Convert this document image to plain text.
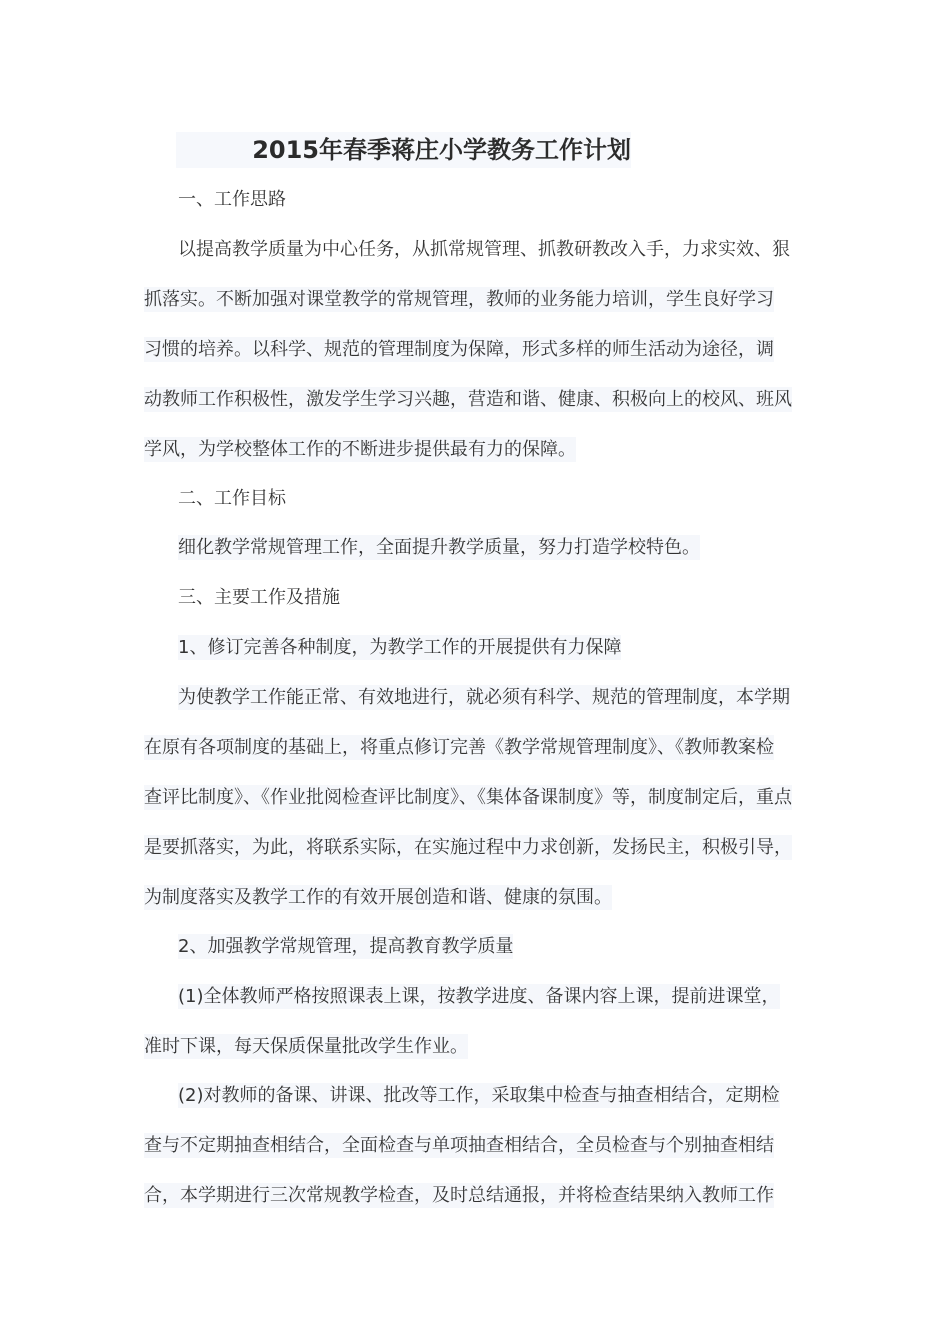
2015年春季蒋庄小学教务工作计划
一、工作思路
以提高教学质量为中心任务，从抓常规管理、抓教研教改入手，力求实效、狠
抓落实。不断加强对课堂教学的常规管理，教师的业务能力培训，学生良好学习
习惯的培养。以科学、规范的管理制度为保障，形式多样的师生活动为途径，调
动教师工作积极性，激发学生学习兴趣，营造和谐、健康、积极向上的校风、班风
学风，为学校整体工作的不断进步提供最有力的保障。
二、工作目标
细化教学常规管理工作，全面提升教学质量，努力打造学校特色。
三、主要工作及措施
1、修订完善各种制度，为教学工作的开展提供有力保障
为使教学工作能正常、有效地进行，就必须有科学、规范的管理制度，本学期
在原有各项制度的基础上，将重点修订完善《教学常规管理制度》、《教师教案检
查评比制度》、《作业批阅检查评比制度》、《集体备课制度》等，制度制定后，重点
是要抓落实，为此，将联系实际，在实施过程中力求创新，发扬民主，积极引导，
为制度落实及教学工作的有效开展创造和谐、健康的氛围。
2、加强教学常规管理，提高教育教学质量
(1)全体教师严格按照课表上课，按教学进度、备课内容上课，提前进课堂，
准时下课，每天保质保量批改学生作业。
(2)对教师的备课、讲课、批改等工作，采取集中检查与抽查相结合，定期检
查与不定期抽查相结合，全面检查与单项抽查相结合，全员检查与个别抽查相结
合，本学期进行三次常规教学检查，及时总结通报，并将检查结果纳入教师工作
